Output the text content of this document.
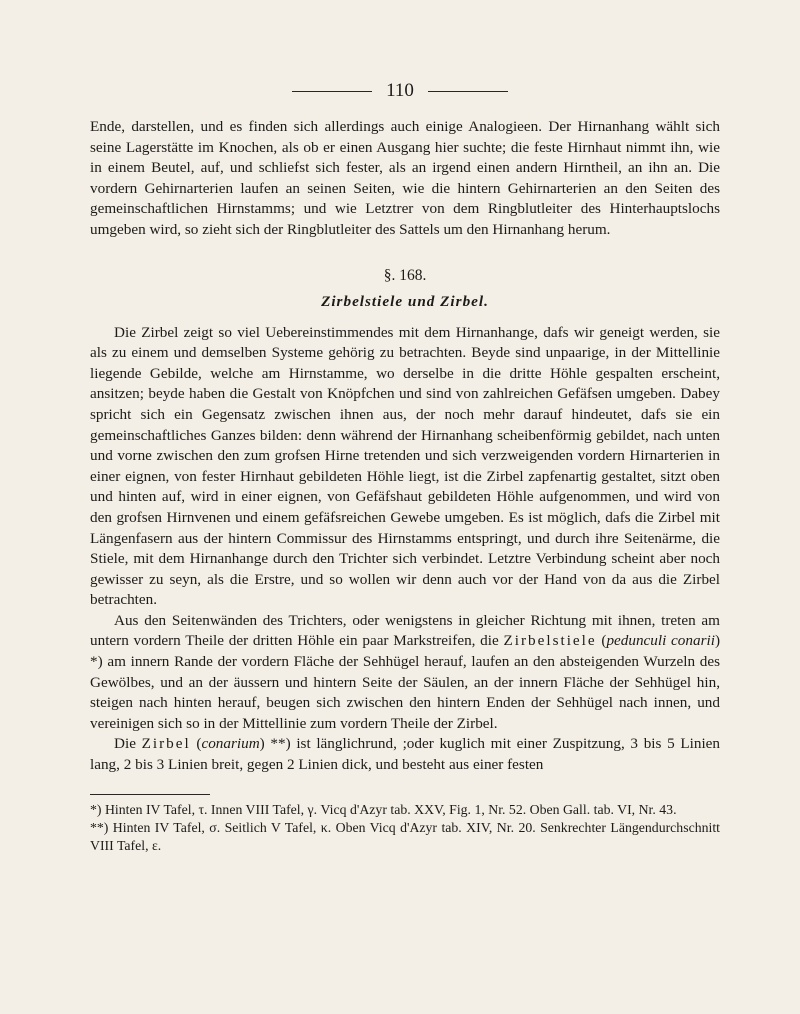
110

Ende, darstellen, und es finden sich allerdings auch einige Analogieen. Der Hirnanhang wählt sich seine Lagerstätte im Knochen, als ob er einen Ausgang hier suchte; die feste Hirnhaut nimmt ihn, wie in einem Beutel, auf, und schliefst sich fester, als an irgend einen andern Hirntheil, an ihn an. Die vordern Gehirnarterien laufen an seinen Seiten, wie die hintern Gehirnarterien an den Seiten des gemeinschaftlichen Hirnstamms; und wie Letztrer von dem Ringblutleiter des Hinterhauptslochs umgeben wird, so zieht sich der Ringblutleiter des Sattels um den Hirnanhang herum.

§. 168.
Zirbelstiele und Zirbel.

Die Zirbel zeigt so viel Uebereinstimmendes mit dem Hirnanhange, dafs wir geneigt werden, sie als zu einem und demselben Systeme gehörig zu betrachten. Beyde sind unpaarige, in der Mittellinie liegende Gebilde, welche am Hirnstamme, wo derselbe in die dritte Höhle gespalten erscheint, ansitzen; beyde haben die Gestalt von Knöpfchen und sind von zahlreichen Gefäfsen umgeben. Dabey spricht sich ein Gegensatz zwischen ihnen aus, der noch mehr darauf hindeutet, dafs sie ein gemeinschaftliches Ganzes bilden: denn während der Hirnanhang scheibenförmig gebildet, nach unten und vorne zwischen den zum grofsen Hirne tretenden und sich verzweigenden vordern Hirnarterien in einer eignen, von fester Hirnhaut gebildeten Höhle liegt, ist die Zirbel zapfenartig gestaltet, sitzt oben und hinten auf, wird in einer eignen, von Gefäfshaut gebildeten Höhle aufgenommen, und wird von den grofsen Hirnvenen und einem gefäfsreichen Gewebe umgeben. Es ist möglich, dafs die Zirbel mit Längenfasern aus der hintern Commissur des Hirnstamms entspringt, und durch ihre Seitenärme, die Stiele, mit dem Hirnanhange durch den Trichter sich verbindet. Letztre Verbindung scheint aber noch gewisser zu seyn, als die Erstre, und so wollen wir denn auch vor der Hand von da aus die Zirbel betrachten.

Aus den Seitenwänden des Trichters, oder wenigstens in gleicher Richtung mit ihnen, treten am untern vordern Theile der dritten Höhle ein paar Markstreifen, die Zirbelstiele (pedunculi conarii) *) am innern Rande der vordern Fläche der Sehhügel herauf, laufen an den absteigenden Wurzeln des Gewölbes, und an der äussern und hintern Seite der Säulen, an der innern Fläche der Sehhügel hin, steigen nach hinten herauf, beugen sich zwischen den hintern Enden der Sehhügel nach innen, und vereinigen sich so in der Mittellinie zum vordern Theile der Zirbel.

Die Zirbel (conarium) **) ist länglichrund, ;oder kuglich mit einer Zuspitzung, 3 bis 5 Linien lang, 2 bis 3 Linien breit, gegen 2 Linien dick, und besteht aus einer festen

*) Hinten IV Tafel, τ. Innen VIII Tafel, γ. Vicq d'Azyr tab. XXV, Fig. 1, Nr. 52. Oben Gall. tab. VI, Nr. 43.

**) Hinten IV Tafel, σ. Seitlich V Tafel, κ. Oben Vicq d'Azyr tab. XIV, Nr. 20. Senkrechter Längendurchschnitt VIII Tafel, ε.
